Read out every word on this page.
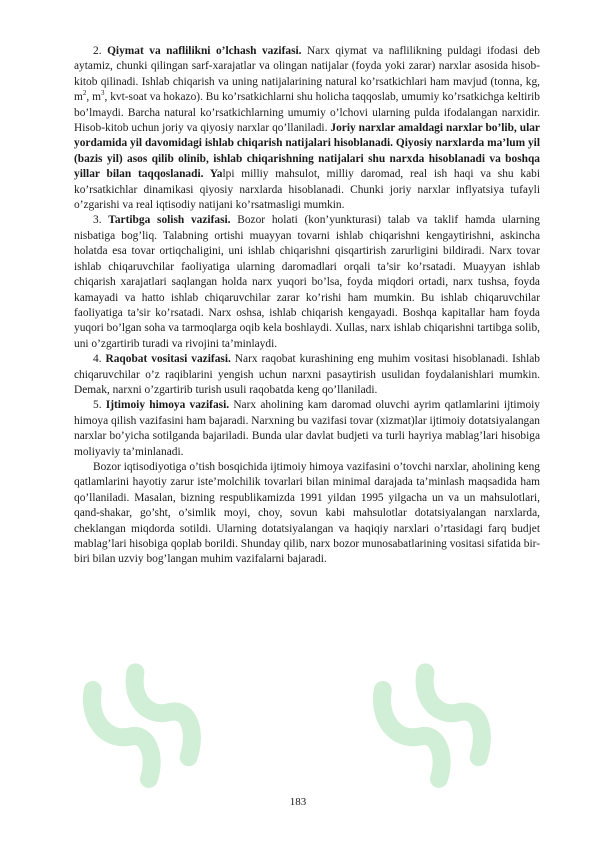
2. Qiymat va naflilikni o’lchash vazifasi. Narx qiymat va naflilikning puldagi ifodasi deb aytamiz, chunki qilingan sarf-xarajatlar va olingan natijalar (foyda yoki zarar) narxlar asosida hisob-kitob qilinadi. Ishlab chiqarish va uning natijalarining natural ko’rsatkichlari ham mavjud (tonna, kg, $m^2$, $m^3$, kvt-soat va hokazo). Bu ko’rsatkichlarni shu holicha taqqoslab, umumiy ko’rsatkichga keltirib bo’lmaydi. Barcha natural ko’rsatkichlarning umumiy o’lchovi ularning pulda ifodalangan narxidir. Hisob-kitob uchun joriy va qiyosiy narxlar qo’llaniladi. Joriy narxlar amaldagi narxlar bo’lib, ular yordamida yil davomidagi ishlab chiqarish natijalari hisoblanadi. Qiyosiy narxlarda ma’lum yil (bazis yil) asos qilib olinib, ishlab chiqarishning natijalari shu narxda hisoblanadi va boshqa yillar bilan taqqoslanadi. Yalpi milliy mahsulot, milliy daromad, real ish haqi va shu kabi ko’rsatkichlar dinamikasi qiyosiy narxlarda hisoblanadi. Chunki joriy narxlar inflyatsiya tufayli o’zgarishi va real iqtisodiy natijani ko’rsatmasligi mumkin.

3. Tartibga solish vazifasi. Bozor holati (kon’yunkturasi) talab va taklif hamda ularning nisbatiga bog’liq. Talabning ortishi muayyan tovarni ishlab chiqarishni kengaytirishni, askincha holatda esa tovar ortiqchaligini, uni ishlab chiqarishni qisqartirish zarurligini bildiradi. Narx tovar ishlab chiqaruvchilar faoliyatiga ularning daromadlari orqali ta’sir ko’rsatadi. Muayyan ishlab chiqarish xarajatlari saqlangan holda narx yuqori bo’lsa, foyda miqdori ortadi, narx tushsa, foyda kamayadi va hatto ishlab chiqaruvchilar zarar ko’rishi ham mumkin. Bu ishlab chiqaruvchilar faoliyatiga ta’sir ko’rsatadi. Narx oshsa, ishlab chiqarish kengayadi. Boshqa kapitallar ham foyda yuqori bo’lgan soha va tarmoqlarga oqib kela boshlaydi. Xullas, narx ishlab chiqarishni tartibga solib, uni o’zgartirib turadi va rivojini ta’minlaydi.

4. Raqobat vositasi vazifasi. Narx raqobat kurashining eng muhim vositasi hisoblanadi. Ishlab chiqaruvchilar o’z raqiblarini yengish uchun narxni pasaytirish usulidan foydalanishlari mumkin. Demak, narxni o’zgartirib turish usuli raqobatda keng qo’llaniladi.

5. Ijtimoiy himoya vazifasi. Narx aholining kam daromad oluvchi ayrim qatlamlarini ijtimoiy himoya qilish vazifasini ham bajaradi. Narxning bu vazifasi tovar (xizmat)lar ijtimoiy dotatsiyalangan narxlar bo’yicha sotilganda bajariladi. Bunda ular davlat budjeti va turli hayriya mablag’lari hisobiga moliyaviy ta’minlanadi.

Bozor iqtisodiyotiga o’tish bosqichida ijtimoiy himoya vazifasini o’tovchi narxlar, aholining keng qatlamlarini hayotiy zarur iste’molchilik tovarlari bilan minimal darajada ta’minlash maqsadida ham qo’llaniladi. Masalan, bizning respublikamizda 1991 yildan 1995 yilgacha un va un mahsulotlari, qand-shakar, go’sht, o’simlik moyi, choy, sovun kabi mahsulotlar dotatsiyalangan narxlarda, cheklangan miqdorda sotildi. Ularning dotatsiyalangan va haqiqiy narxlari o’rtasidagi farq budjet mablag’lari hisobiga qoplab borildi. Shunday qilib, narx bozor munosabatlarining vositasi sifatida bir-biri bilan uzviy bog’langan muhim vazifalarni bajaradi.

183
